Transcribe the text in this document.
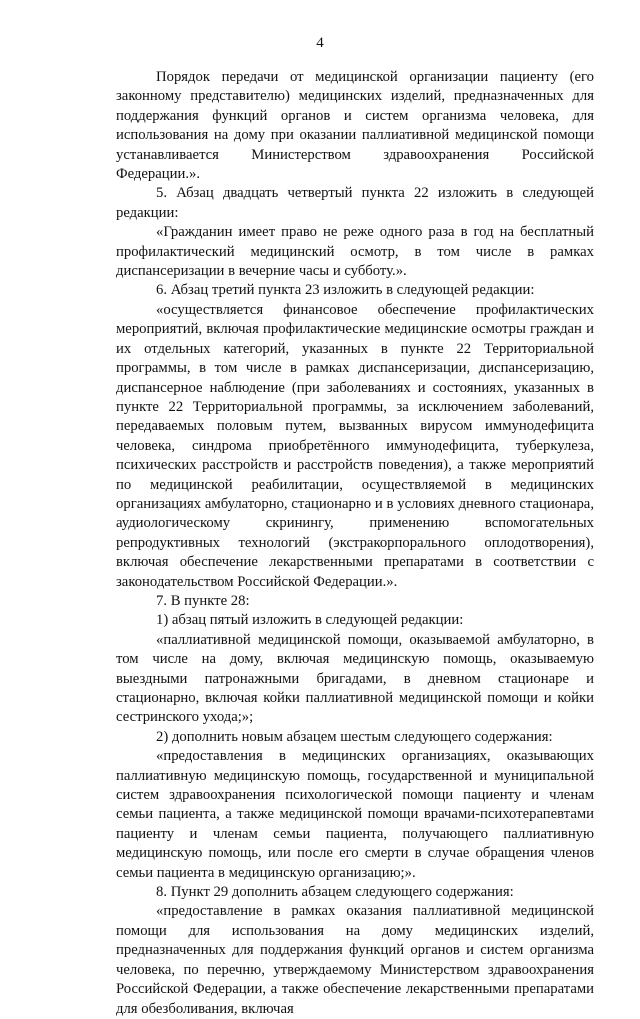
4

Порядок передачи от медицинской организации пациенту (его законному представителю) медицинских изделий, предназначенных для поддержания функций органов и систем организма человека, для использования на дому при оказании паллиативной медицинской помощи устанавливается Министерством здравоохранения Российской Федерации.».

5. Абзац двадцать четвертый пункта 22 изложить в следующей редакции:

«Гражданин имеет право не реже одного раза в год на бесплатный профилактический медицинский осмотр, в том числе в рамках диспансеризации в вечерние часы и субботу.».

6. Абзац третий пункта 23 изложить в следующей редакции:

«осуществляется финансовое обеспечение профилактических мероприятий, включая профилактические медицинские осмотры граждан и их отдельных категорий, указанных в пункте 22 Территориальной программы, в том числе в рамках диспансеризации, диспансеризацию, диспансерное наблюдение (при заболеваниях и состояниях, указанных в пункте 22 Территориальной программы, за исключением заболеваний, передаваемых половым путем, вызванных вирусом иммунодефицита человека, синдрома приобретённого иммунодефицита, туберкулеза, психических расстройств и расстройств поведения), а также мероприятий по медицинской реабилитации, осуществляемой в медицинских организациях амбулаторно, стационарно и в условиях дневного стационара, аудиологическому скринингу, применению вспомогательных репродуктивных технологий (экстракорпорального оплодотворения), включая обеспечение лекарственными препаратами в соответствии с законодательством Российской Федерации.».

7. В пункте 28:

1) абзац пятый изложить в следующей редакции:

«паллиативной медицинской помощи, оказываемой амбулаторно, в том числе на дому, включая медицинскую помощь, оказываемую выездными патронажными бригадами, в дневном стационаре и стационарно, включая койки паллиативной медицинской помощи и койки сестринского ухода;»;

2) дополнить новым абзацем шестым следующего содержания:

«предоставления в медицинских организациях, оказывающих паллиативную медицинскую помощь, государственной и муниципальной систем здравоохранения психологической помощи пациенту и членам семьи пациента, а также медицинской помощи врачами-психотерапевтами пациенту и членам семьи пациента, получающего паллиативную медицинскую помощь, или после его смерти в случае обращения членов семьи пациента в медицинскую организацию;».

8. Пункт 29 дополнить абзацем следующего содержания:

«предоставление в рамках оказания паллиативной медицинской помощи для использования на дому медицинских изделий, предназначенных для поддержания функций органов и систем организма человека, по перечню, утверждаемому Министерством здравоохранения Российской Федерации, а также обеспечение лекарственными препаратами для обезболивания, включая
